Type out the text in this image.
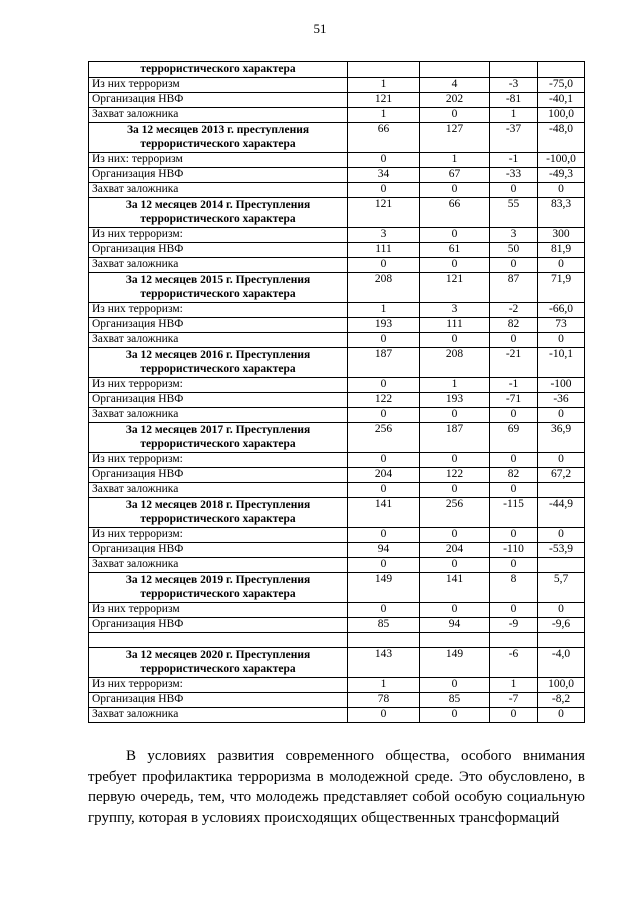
51
террористического характера				
Из них терроризм	1	4	-3	-75,0
Организация НВФ	121	202	-81	-40,1
Захват заложника	1	0	1	100,0
За 12 месяцев 2013 г. преступления террористического характера	66	127	-37	-48,0
Из них: терроризм	0	1	-1	-100,0
Организация НВФ	34	67	-33	-49,3
Захват заложника	0	0	0	0
За 12 месяцев 2014 г. Преступления террористического характера	121	66	55	83,3
Из них терроризм:	3	0	3	300
Организация НВФ	111	61	50	81,9
Захват заложника	0	0	0	0
За 12 месяцев 2015 г. Преступления террористического характера	208	121	87	71,9
Из них терроризм:	1	3	-2	-66,0
Организация НВФ	193	111	82	73
Захват заложника	0	0	0	0
За 12 месяцев 2016 г. Преступления террористического характера	187	208	-21	-10,1
Из них терроризм:	0	1	-1	-100
Организация НВФ	122	193	-71	-36
Захват заложника	0	0	0	0
За 12 месяцев 2017 г. Преступления террористического характера	256	187	69	36,9
Из них терроризм:	0	0	0	0
Организация НВФ	204	122	82	67,2
Захват заложника	0	0	0	
За 12 месяцев 2018 г. Преступления террористического характера	141	256	-115	-44,9
Из них терроризм:	0	0	0	0
Организация НВФ	94	204	-110	-53,9
Захват заложника	0	0	0	
За 12 месяцев 2019 г. Преступления террористического характера	149	141	8	5,7
Из них терроризм	0	0	0	0
Организация НВФ	85	94	-9	-9,6

За 12 месяцев 2020 г. Преступления террористического характера	143	149	-6	-4,0
Из них терроризм:	1	0	1	100,0
Организация НВФ	78	85	-7	-8,2
Захват заложника	0	0	0	0
В условиях развития современного общества, особого внимания требует профилактика терроризма в молодежной среде. Это обусловлено, в первую очередь, тем, что молодежь представляет собой особую социальную группу, которая в условиях происходящих общественных трансформаций
